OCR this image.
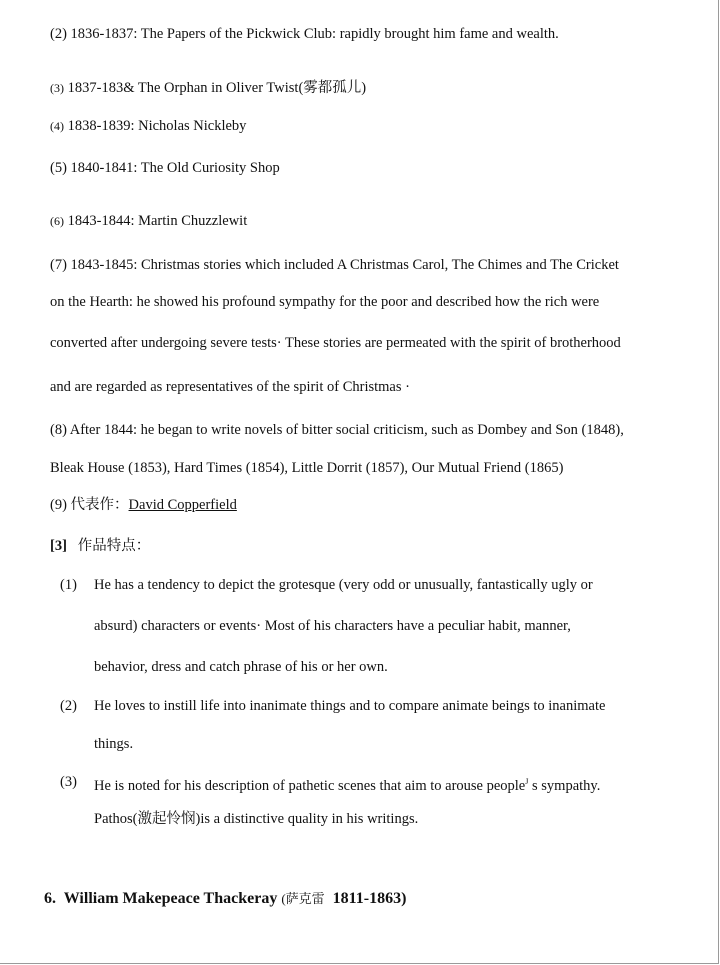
(2) 1836-1837: The Papers of the Pickwick Club: rapidly brought him fame and wealth.
(3) 1837-183& The Orphan in Oliver Twist(雾都孤儿)
(4) 1838-1839: Nicholas Nickleby
(5) 1840-1841: The Old Curiosity Shop
(6) 1843-1844: Martin Chuzzlewit
(7) 1843-1845: Christmas stories which included A Christmas Carol, The Chimes and The Cricket
on the Hearth: he showed his profound sympathy for the poor and described how the rich were
converted after undergoing severe tests· These stories are permeated with the spirit of brotherhood
and are regarded as representatives of the spirit of Christmas ·
(8) After 1844: he began to write novels of bitter social criticism, such as Dombey and Son (1848),
Bleak House (1853), Hard Times (1854), Little Dorrit (1857), Our Mutual Friend (1865)
(9) 代表作：David Copperfield
[3] 作品特点：
(1) He has a tendency to depict the grotesque (very odd or unusually, fantastically ugly or
absurd) characters or events· Most of his characters have a peculiar habit, manner,
behavior, dress and catch phrase of his or her own.
(2) He loves to instill life into inanimate things and to compare animate beings to inanimate
things.
(3) He is noted for his description of pathetic scenes that aim to arouse people$^J$ s sympathy.
Pathos(激起怜悯)is a distinctive quality in his writings.
6. William Makepeace Thackeray (萨克雷 1811-1863)
